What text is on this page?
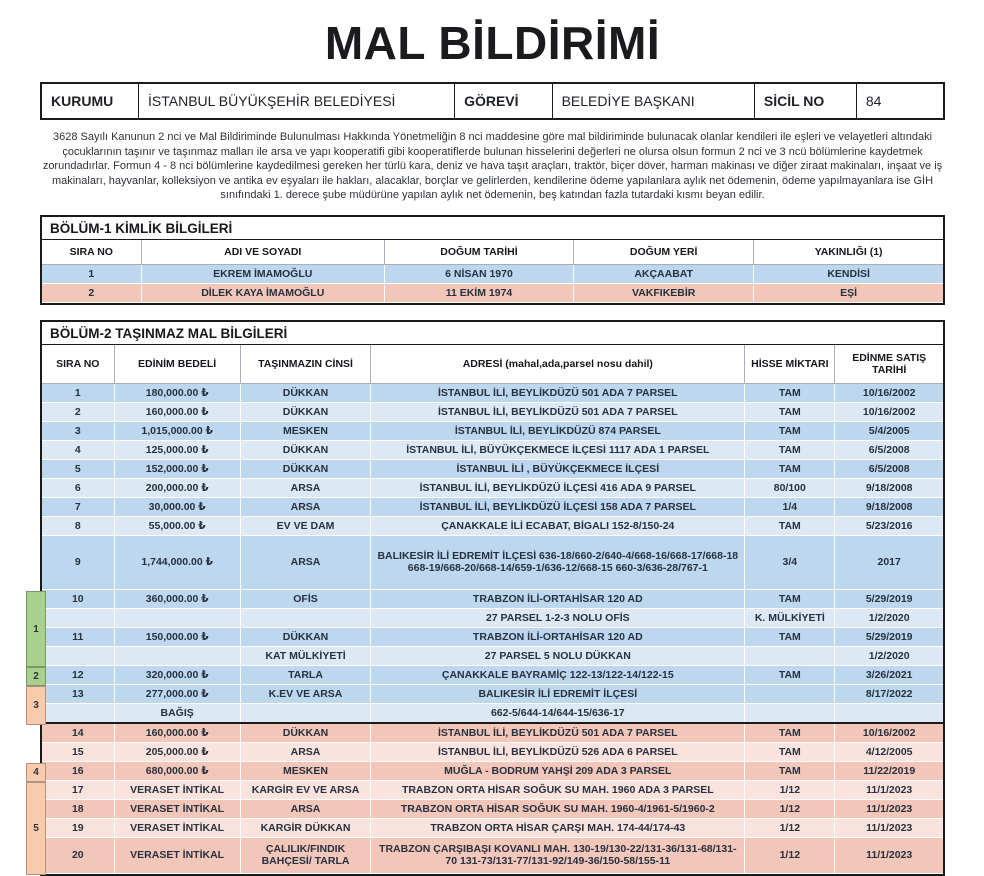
MAL BİLDİRİMİ
KURUMU	İSTANBUL BÜYÜKŞEHİR BELEDİYESİ	GÖREVİ	BELEDİYE BAŞKANI	SİCİL NO	84

3628 Sayılı Kanunun 2 nci ve Mal Bildiriminde Bulunulması Hakkında Yönetmeliğin 8 nci maddesine göre mal bildiriminde bulunacak olanlar kendileri ile eşleri ve velayetleri altındaki çocuklarının taşınır ve taşınmaz malları ile arsa ve yapı kooperatifi gibi kooperatiflerde bulunan hisselerini değerleri ne olursa olsun formun 2 nci ve 3 ncü bölümlerine kaydetmek zorundadırlar. Formun 4 - 8 nci bölümlerine kaydedilmesi gereken her türlü kara, deniz ve hava taşıt araçları, traktör, biçer döver, harman makinası ve diğer ziraat makinaları, inşaat ve iş makinaları, hayvanlar, kolleksiyon ve antika ev eşyaları ile hakları, alacaklar, borçlar ve gelirlerden, kendilerine ödeme yapılanlara aylık net ödemenin, ödeme yapılmayanlara ise GİH sınıfındaki 1. derece şube müdürüne yapılan aylık net ödemenin, beş katından fazla tutardaki kısmı beyan edilir.

BÖLÜM-1 KİMLİK BİLGİLERİ
SIRA NO	ADI VE SOYADI	DOĞUM TARİHİ	DOĞUM YERİ	YAKINLIĞI (1)
1	EKREM İMAMOĞLU	6 NİSAN 1970	AKÇAABAT	KENDİSİ
2	DİLEK KAYA İMAMOĞLU	11 EKİM 1974	VAKFIKEBİR	EŞİ
BÖLÜM-2 TAŞINMAZ MAL BİLGİLERİ
SIRA NO	EDİNİM BEDELİ	TAŞINMAZIN CİNSİ	ADRESİ (mahal,ada,parsel nosu dahil)	HİSSE MİKTARI	EDİNME SATIŞ TARİHİ
1	180,000.00 ₺	DÜKKAN	İSTANBUL İLİ, BEYLİKDÜZÜ 501 ADA 7 PARSEL	TAM	10/16/2002
2	160,000.00 ₺	DÜKKAN	İSTANBUL İLİ, BEYLİKDÜZÜ 501 ADA 7 PARSEL	TAM	10/16/2002
3	1,015,000.00 ₺	MESKEN	İSTANBUL İLİ, BEYLİKDÜZÜ 874 PARSEL	TAM	5/4/2005
4	125,000.00 ₺	DÜKKAN	İSTANBUL İLİ, BÜYÜKÇEKMECE İLÇESİ 1117 ADA 1 PARSEL	TAM	6/5/2008
5	152,000.00 ₺	DÜKKAN	İSTANBUL İLİ , BÜYÜKÇEKMECE İLÇESİ	TAM	6/5/2008
6	200,000.00 ₺	ARSA	İSTANBUL İLİ, BEYLİKDÜZÜ İLÇESİ 416 ADA 9 PARSEL	80/100	9/18/2008
7	30,000.00 ₺	ARSA	İSTANBUL İLİ, BEYLİKDÜZÜ İLÇESİ 158 ADA 7 PARSEL	1/4	9/18/2008
8	55,000.00 ₺	EV VE DAM	ÇANAKKALE İLİ ECABAT, BİGALI 152-8/150-24	TAM	5/23/2016
9	1,744,000.00 ₺	ARSA	BALIKESİR İLİ EDREMİT İLÇESİ 636-18/660-2/640-4/668-16/668-17/668-18 668-19/668-20/668-14/659-1/636-12/668-15 660-3/636-28/767-1	3/4	2017
10	360,000.00 ₺	OFİS	TRABZON İLİ-ORTAHİSAR 120 AD	TAM	5/29/2019
			27 PARSEL 1-2-3 NOLU OFİS	K. MÜLKİYETİ	1/2/2020
11	150,000.00 ₺	DÜKKAN	TRABZON İLİ-ORTAHİSAR 120 AD	TAM	5/29/2019
		KAT MÜLKİYETİ	27 PARSEL 5 NOLU DÜKKAN		1/2/2020
12	320,000.00 ₺	TARLA	ÇANAKKALE BAYRAMİÇ 122-13/122-14/122-15	TAM	3/26/2021
13	277,000.00 ₺	K.EV VE ARSA	BALIKESİR İLİ EDREMİT İLÇESİ		8/17/2022
	BAĞIŞ		662-5/644-14/644-15/636-17		
14	160,000.00 ₺	DÜKKAN	İSTANBUL İLİ, BEYLİKDÜZÜ 501 ADA 7 PARSEL	TAM	10/16/2002
15	205,000.00 ₺	ARSA	İSTANBUL İLİ, BEYLİKDÜZÜ 526 ADA 6 PARSEL	TAM	4/12/2005
16	680,000.00 ₺	MESKEN	MUĞLA - BODRUM YAHŞİ 209 ADA 3 PARSEL	TAM	11/22/2019
17	VERASET İNTİKAL	KARGİR EV VE ARSA	TRABZON ORTA HİSAR SOĞUK SU MAH. 1960 ADA 3 PARSEL	1/12	11/1/2023
18	VERASET İNTİKAL	ARSA	TRABZON ORTA HİSAR SOĞUK SU MAH. 1960-4/1961-5/1960-2	1/12	11/1/2023
19	VERASET İNTİKAL	KARGİR DÜKKAN	TRABZON ORTA HİSAR ÇARŞI MAH. 174-44/174-43	1/12	11/1/2023
20	VERASET İNTİKAL	ÇALILIK/FINDIK BAHÇESİ/ TARLA	TRABZON ÇARŞIBAŞI KOVANLI MAH. 130-19/130-22/131-36/131-68/131-70 131-73/131-77/131-92/149-36/150-58/155-11	1/12	11/1/2023
1
2
3
4
5
